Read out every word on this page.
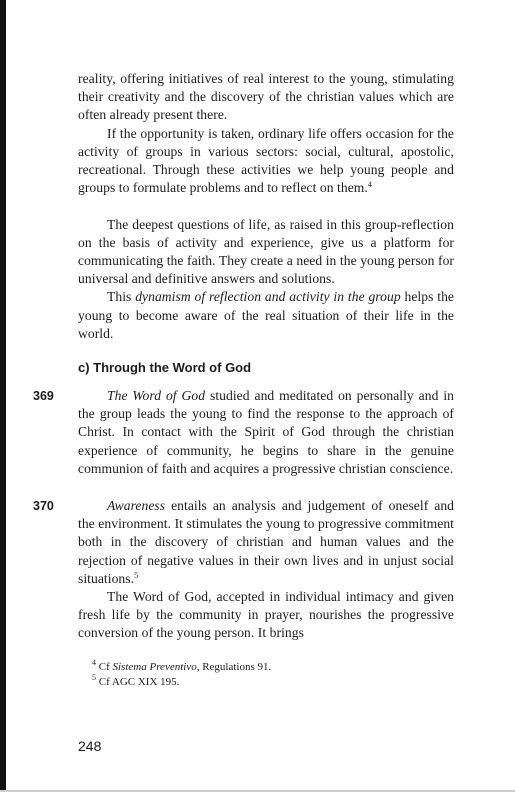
reality, offering initiatives of real interest to the young, stimulating their creativity and the discovery of the christian values which are often already present there.

If the opportunity is taken, ordinary life offers occasion for the activity of groups in various sectors: social, cultural, apostolic, recreational. Through these activities we help young people and groups to formulate problems and to reflect on them.$^4$

The deepest questions of life, as raised in this group-reflection on the basis of activity and experience, give us a platform for communicating the faith. They create a need in the young person for universal and definitive answers and solutions.

This dynamism of reflection and activity in the group helps the young to become aware of the real situation of their life in the world.

c) Through the Word of God
369	The Word of God studied and meditated on personally and in the group leads the young to find the response to the approach of Christ. In contact with the Spirit of God through the christian experience of community, he begins to share in the genuine communion of faith and acquires a progressive christian conscience.

370	Awareness entails an analysis and judgement of oneself and the environment. It stimulates the young to progressive commitment both in the discovery of christian and human values and the rejection of negative values in their own lives and in unjust social situations.$^5$

The Word of God, accepted in individual intimacy and given fresh life by the community in prayer, nourishes the progressive conversion of the young person. It brings

$^4$ Cf Sistema Preventivo, Regulations 91.

$^5$ Cf AGC XIX 195.

248
